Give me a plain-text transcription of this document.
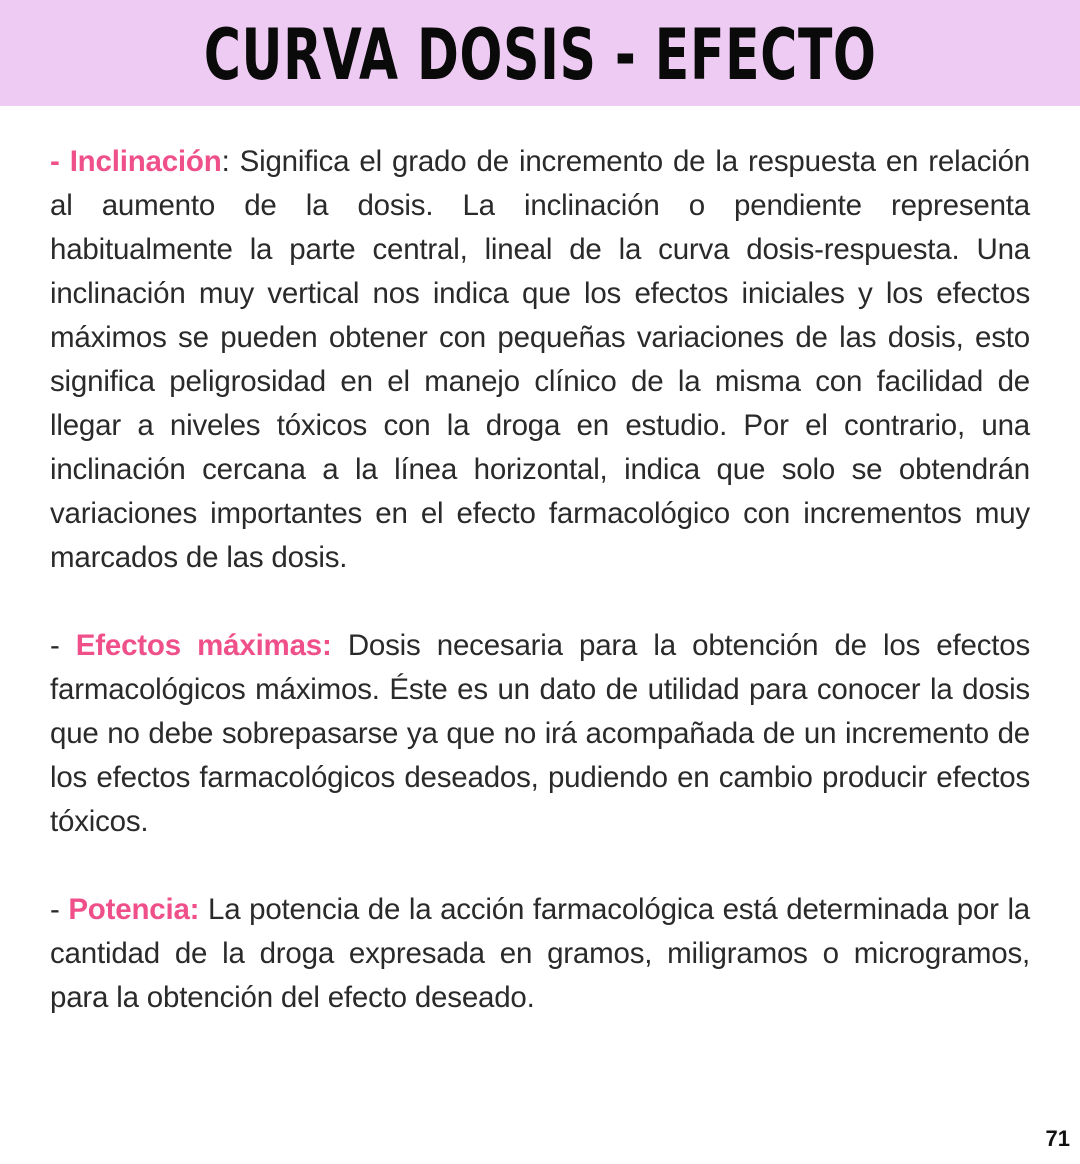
CURVA DOSIS - EFECTO

- Inclinación: Significa el grado de incremento de la respuesta en relación al aumento de la dosis. La inclinación o pendiente representa habitualmente la parte central, lineal de la curva dosis-respuesta. Una inclinación muy vertical nos indica que los efectos iniciales y los efectos máximos se pueden obtener con pequeñas variaciones de las dosis, esto significa peligrosidad en el manejo clínico de la misma con facilidad de llegar a niveles tóxicos con la droga en estudio. Por el contrario, una inclinación cercana a la línea horizontal, indica que solo se obtendrán variaciones importantes en el efecto farmacológico con incrementos muy marcados de las dosis.

- Efectos máximas: Dosis necesaria para la obtención de los efectos farmacológicos máximos. Éste es un dato de utilidad para conocer la dosis que no debe sobrepasarse ya que no irá acompañada de un incremento de los efectos farmacológicos deseados, pudiendo en cambio producir efectos tóxicos.

- Potencia: La potencia de la acción farmacológica está determinada por la cantidad de la droga expresada en gramos, miligramos o microgramos, para la obtención del efecto deseado.

71
